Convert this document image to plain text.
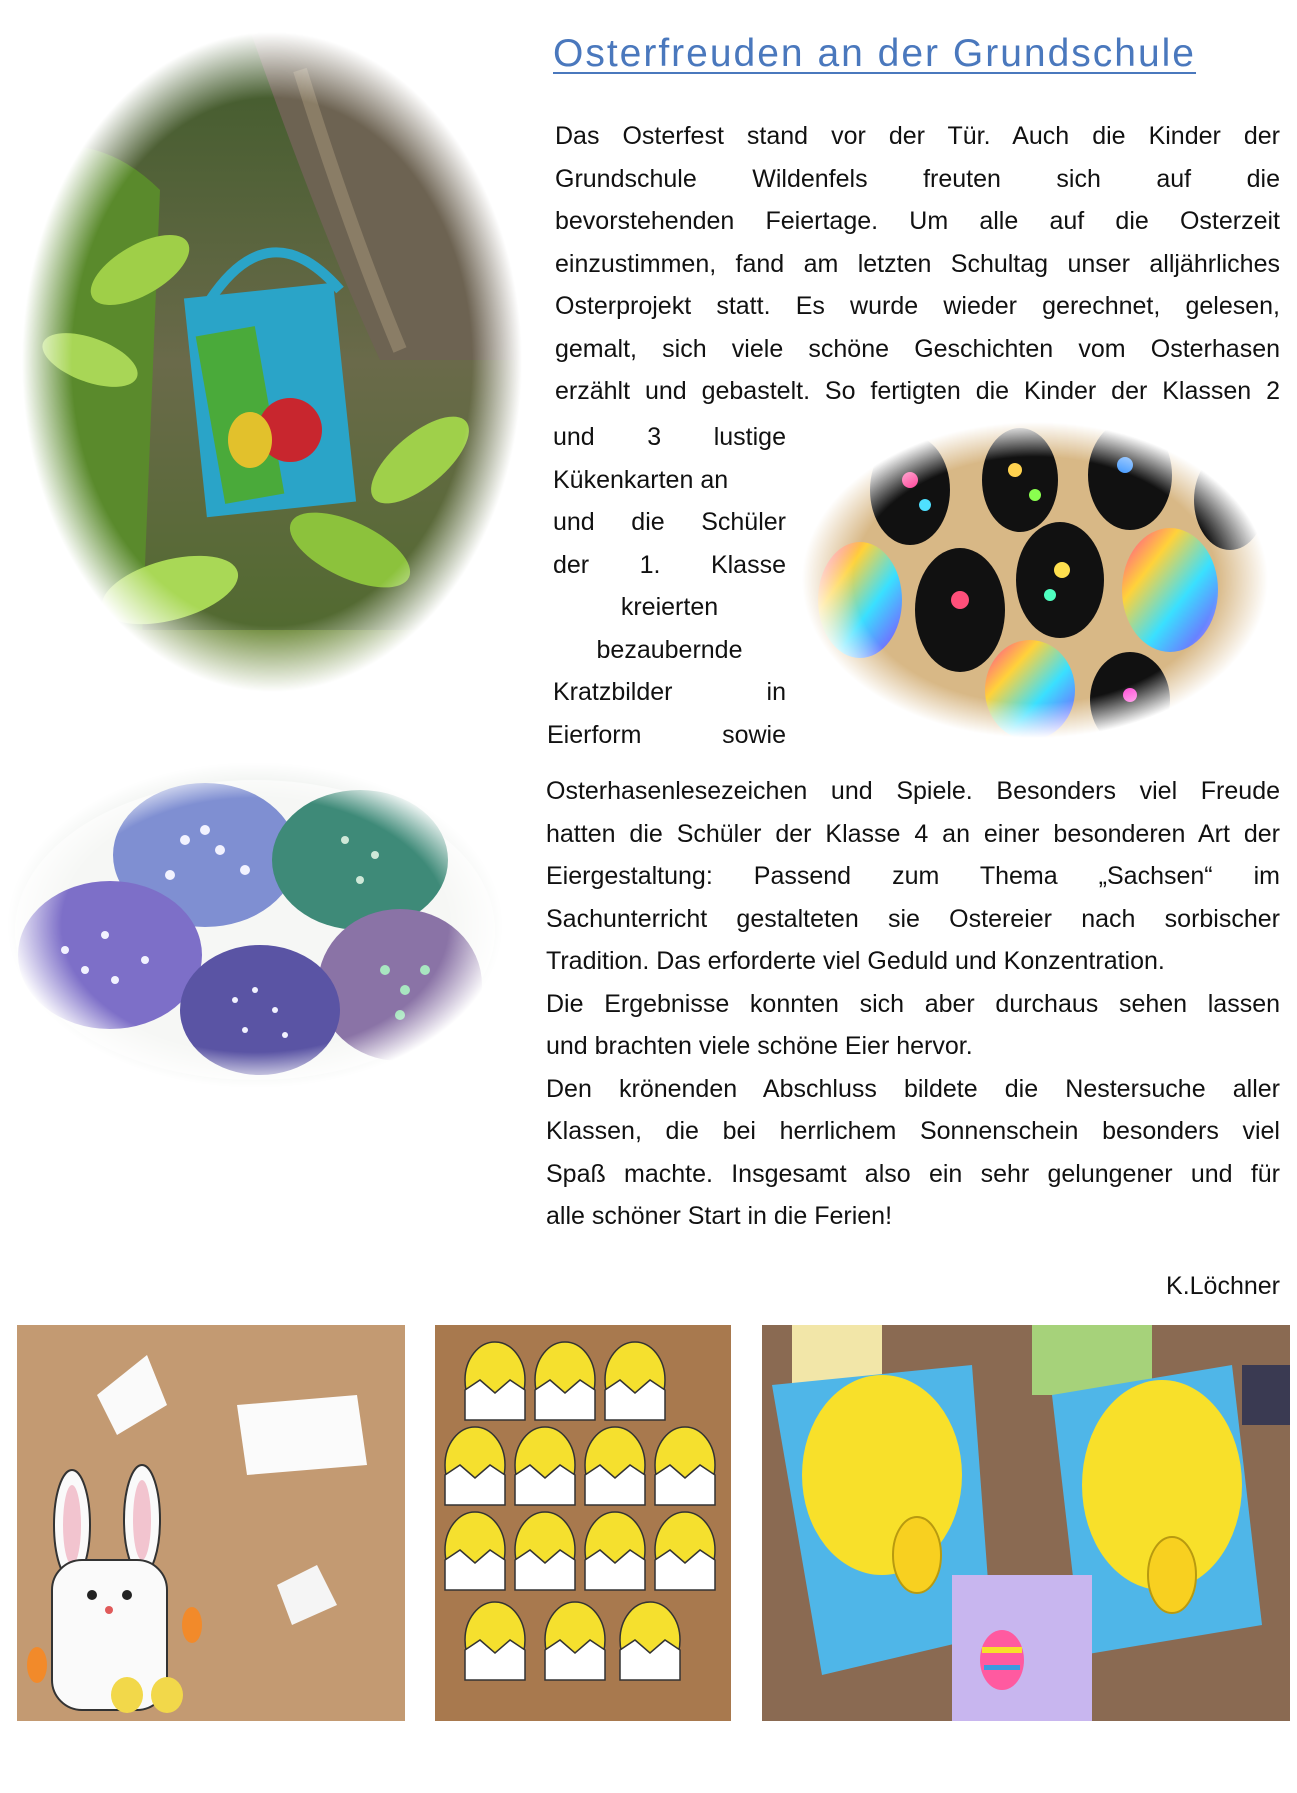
Osterfreuden an der Grundschule
Das Osterfest stand vor der Tür. Auch die Kinder der
Grundschule Wildenfels freuten sich auf die
bevorstehenden Feiertage. Um alle auf die Osterzeit
einzustimmen, fand am letzten Schultag unser alljährliches
Osterprojekt statt. Es wurde wieder gerechnet, gelesen,
gemalt, sich viele schöne Geschichten vom Osterhasen
erzählt und gebastelt. So fertigten die Kinder der Klassen 2
und 3 lustige
Kükenkarten an
und die Schüler
der 1. Klasse
kreierten
bezaubernde
Kratzbilder in
Eierform sowie
Osterhasenlesezeichen und Spiele. Besonders viel Freude
hatten die Schüler der Klasse 4 an einer besonderen Art der
Eiergestaltung: Passend zum Thema „Sachsen“ im
Sachunterricht gestalteten sie Ostereier nach sorbischer
Tradition. Das erforderte viel Geduld und Konzentration.
Die Ergebnisse konnten sich aber durchaus sehen lassen
und brachten viele schöne Eier hervor.
Den krönenden Abschluss bildete die Nestersuche aller
Klassen, die bei herrlichem Sonnenschein besonders viel
Spaß machte. Insgesamt also ein sehr gelungener und für
alle schöner Start in die Ferien!
K.Löchner
